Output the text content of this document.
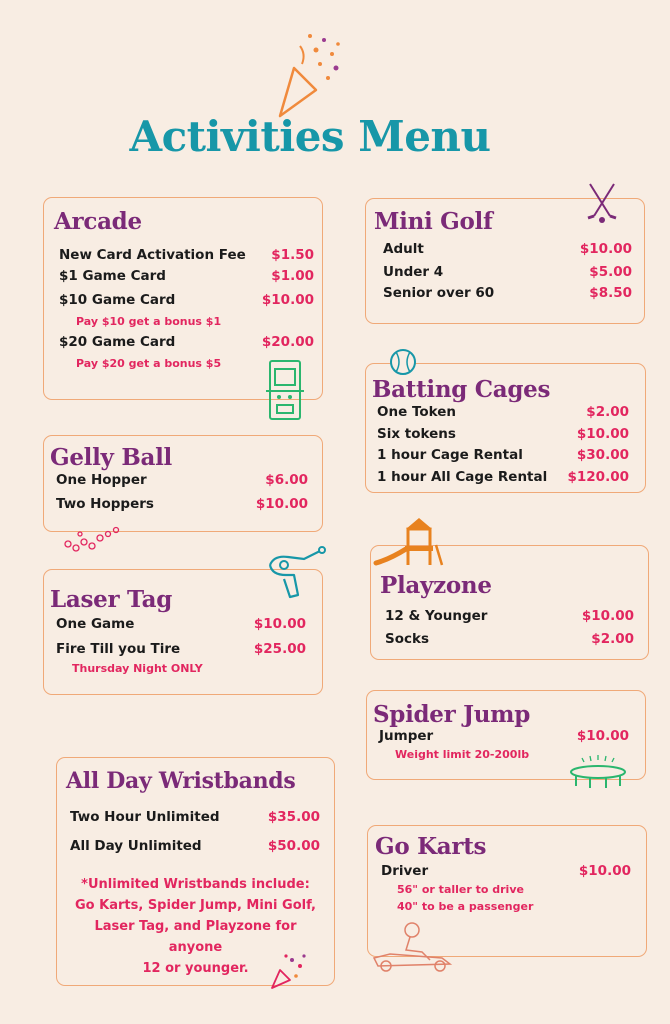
Activities Menu
Arcade
New Card Activation Fee $1.50
$1 Game Card	$1.00
$10 Game Card	$10.00
Pay $10 get a bonus $1
$20 Game Card	$20.00
Pay $20 get a bonus $5
Gelly Ball
One Hopper	$6.00
Two Hoppers	$10.00
Laser Tag
One Game	$10.00
Fire Till you Tire	$25.00
Thursday Night ONLY
All Day Wristbands
Two Hour Unlimited	$35.00
All Day Unlimited	$50.00
*Unlimited Wristbands include:
Go Karts, Spider Jump, Mini Golf,
Laser Tag, and Playzone for anyone
12 or younger.
Mini Golf
Adult	$10.00
Under 4	$5.00
Senior over 60	$8.50
Batting Cages
One Token	$2.00
Six tokens	$10.00
1 hour Cage Rental	$30.00
1 hour All Cage Rental $120.00
Playzone
12 & Younger	$10.00
Socks	$2.00
Spider Jump
Jumper	$10.00
Weight limit 20-200lb
Go Karts
Driver	$10.00
56" or taller to drive
40" to be a passenger
